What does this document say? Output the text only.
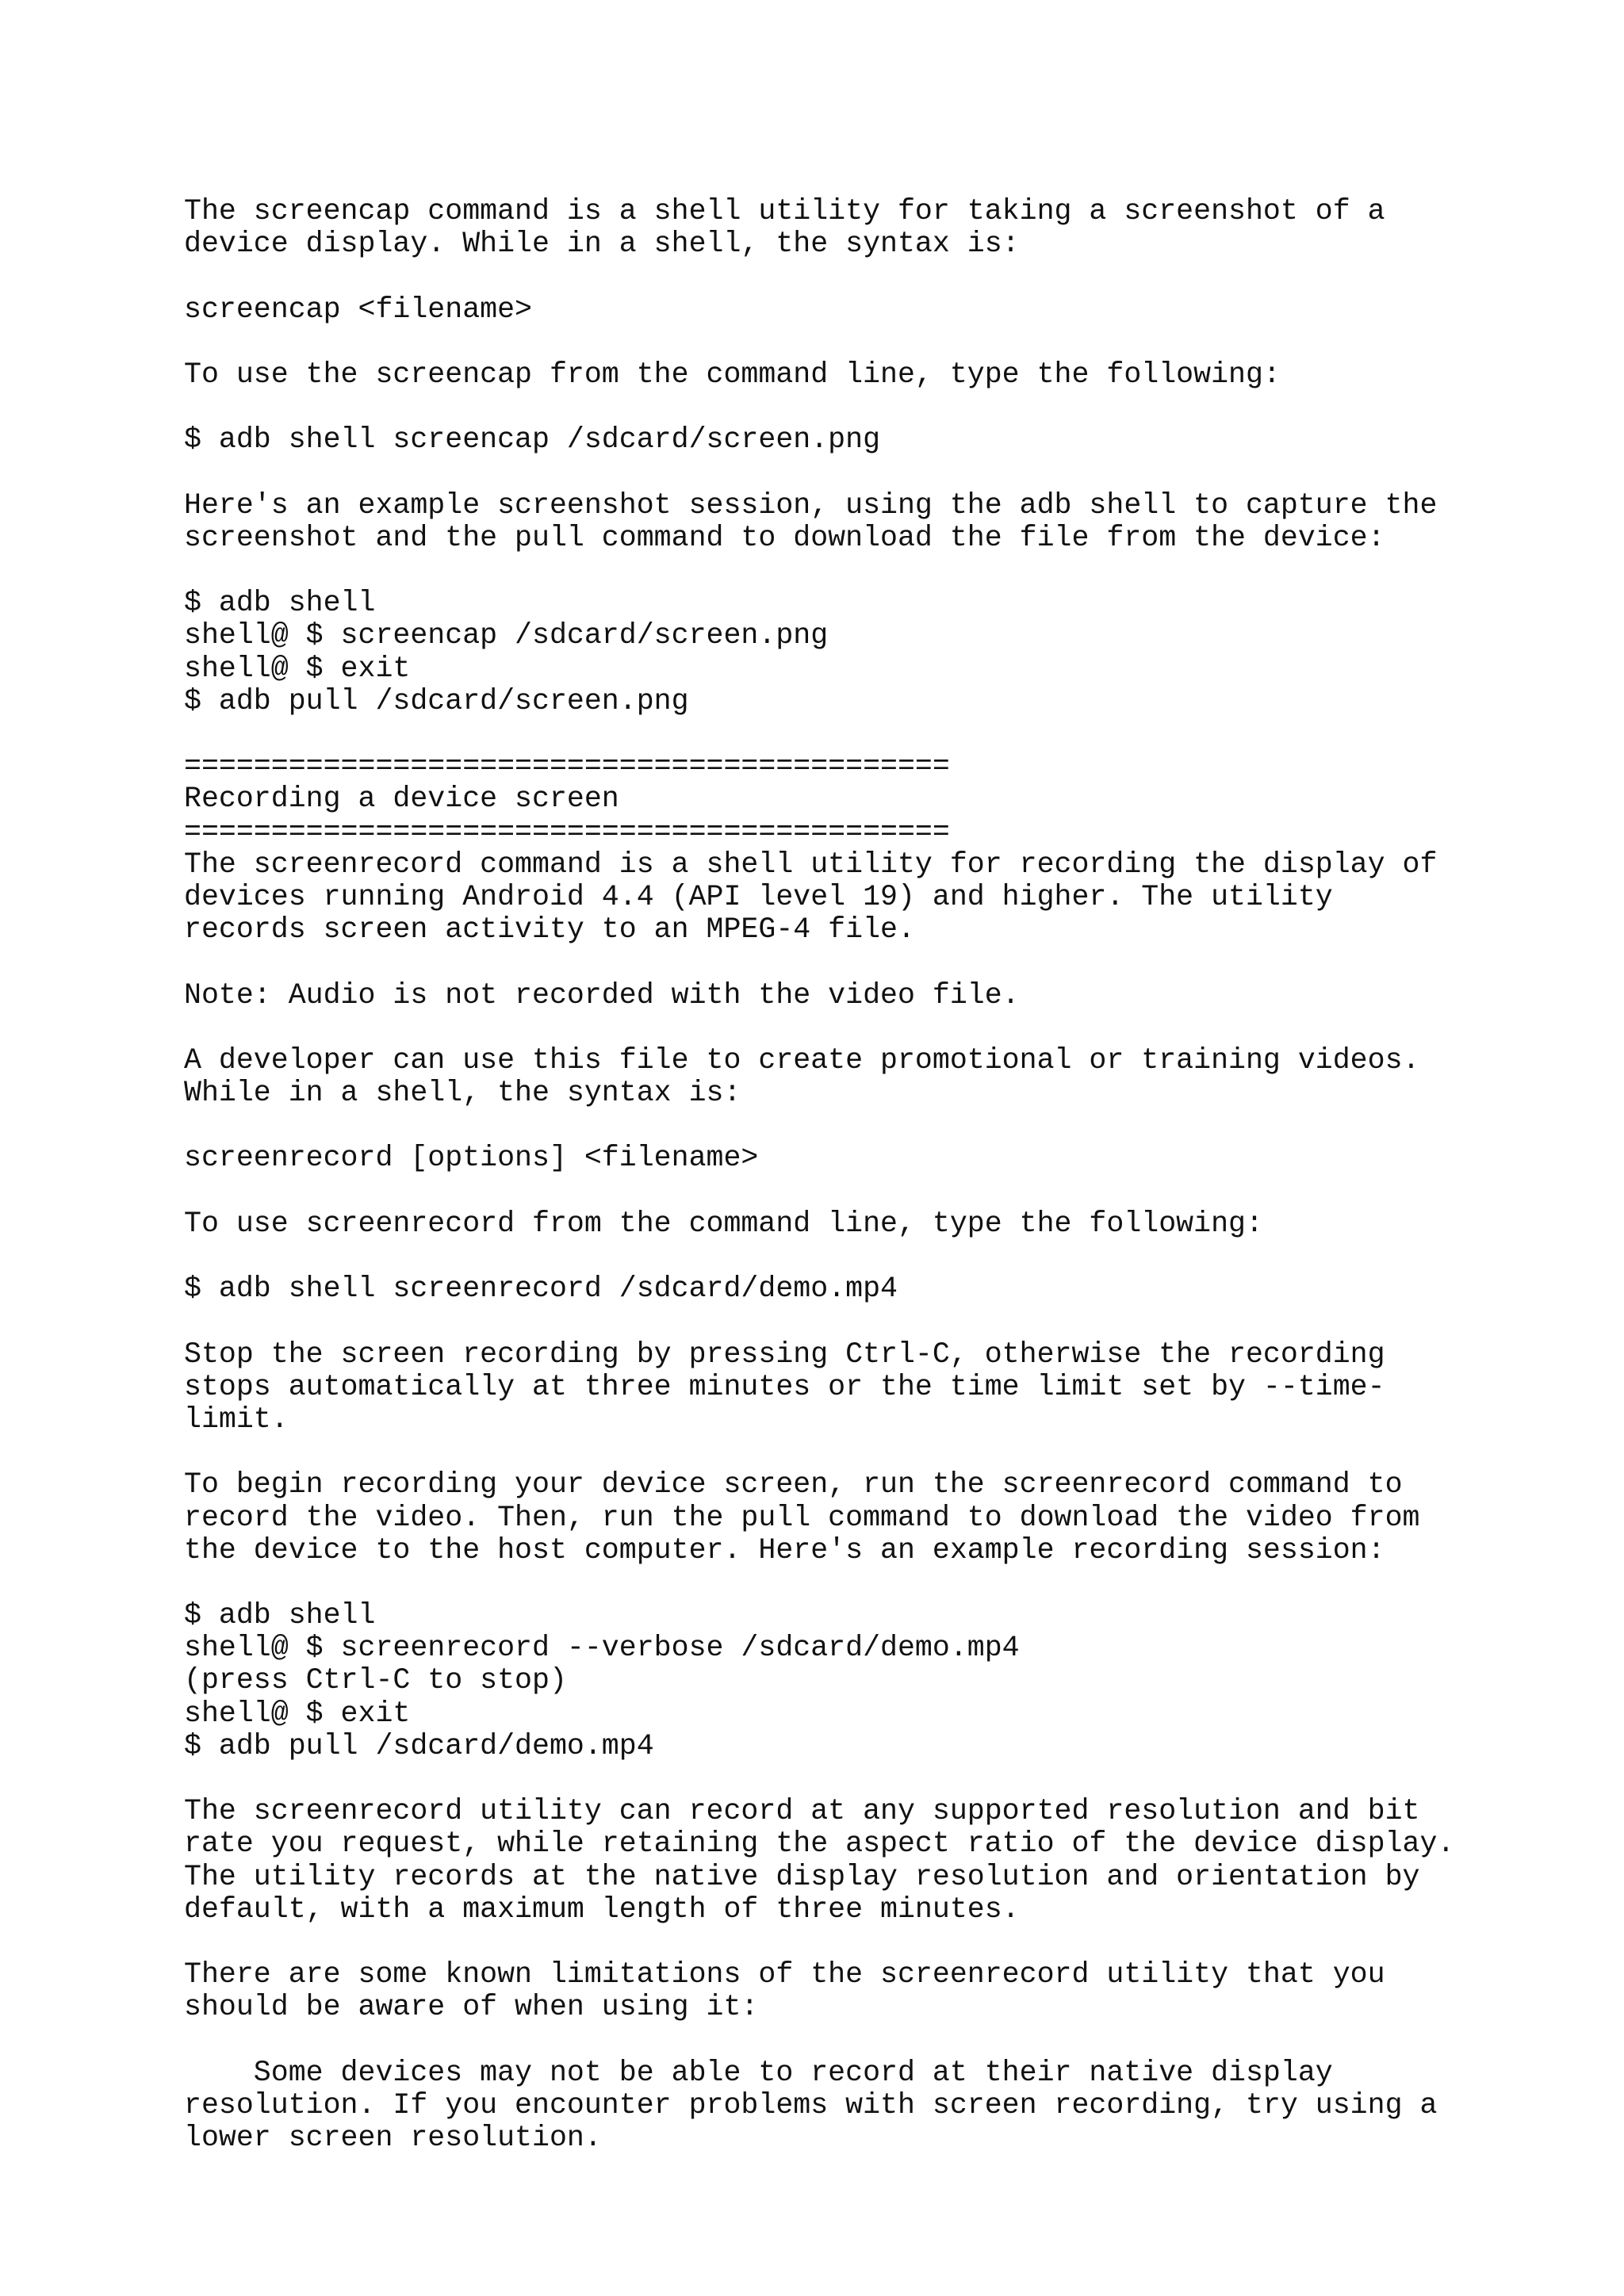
The screencap command is a shell utility for taking a screenshot of a
device display. While in a shell, the syntax is:
screencap <filename>
To use the screencap from the command line, type the following:
$ adb shell screencap /sdcard/screen.png
Here's an example screenshot session, using the adb shell to capture the
screenshot and the pull command to download the file from the device:
$ adb shell
shell@ $ screencap /sdcard/screen.png
shell@ $ exit
$ adb pull /sdcard/screen.png
============================================
Recording a device screen
============================================
The screenrecord command is a shell utility for recording the display of
devices running Android 4.4 (API level 19) and higher. The utility
records screen activity to an MPEG-4 file.
Note: Audio is not recorded with the video file.
A developer can use this file to create promotional or training videos.
While in a shell, the syntax is:
screenrecord [options] <filename>
To use screenrecord from the command line, type the following:
$ adb shell screenrecord /sdcard/demo.mp4
Stop the screen recording by pressing Ctrl-C, otherwise the recording
stops automatically at three minutes or the time limit set by --time-
limit.
To begin recording your device screen, run the screenrecord command to
record the video. Then, run the pull command to download the video from
the device to the host computer. Here's an example recording session:
$ adb shell
shell@ $ screenrecord --verbose /sdcard/demo.mp4
(press Ctrl-C to stop)
shell@ $ exit
$ adb pull /sdcard/demo.mp4
The screenrecord utility can record at any supported resolution and bit
rate you request, while retaining the aspect ratio of the device display.
The utility records at the native display resolution and orientation by
default, with a maximum length of three minutes.
There are some known limitations of the screenrecord utility that you
should be aware of when using it:
Some devices may not be able to record at their native display
resolution. If you encounter problems with screen recording, try using a
lower screen resolution.
